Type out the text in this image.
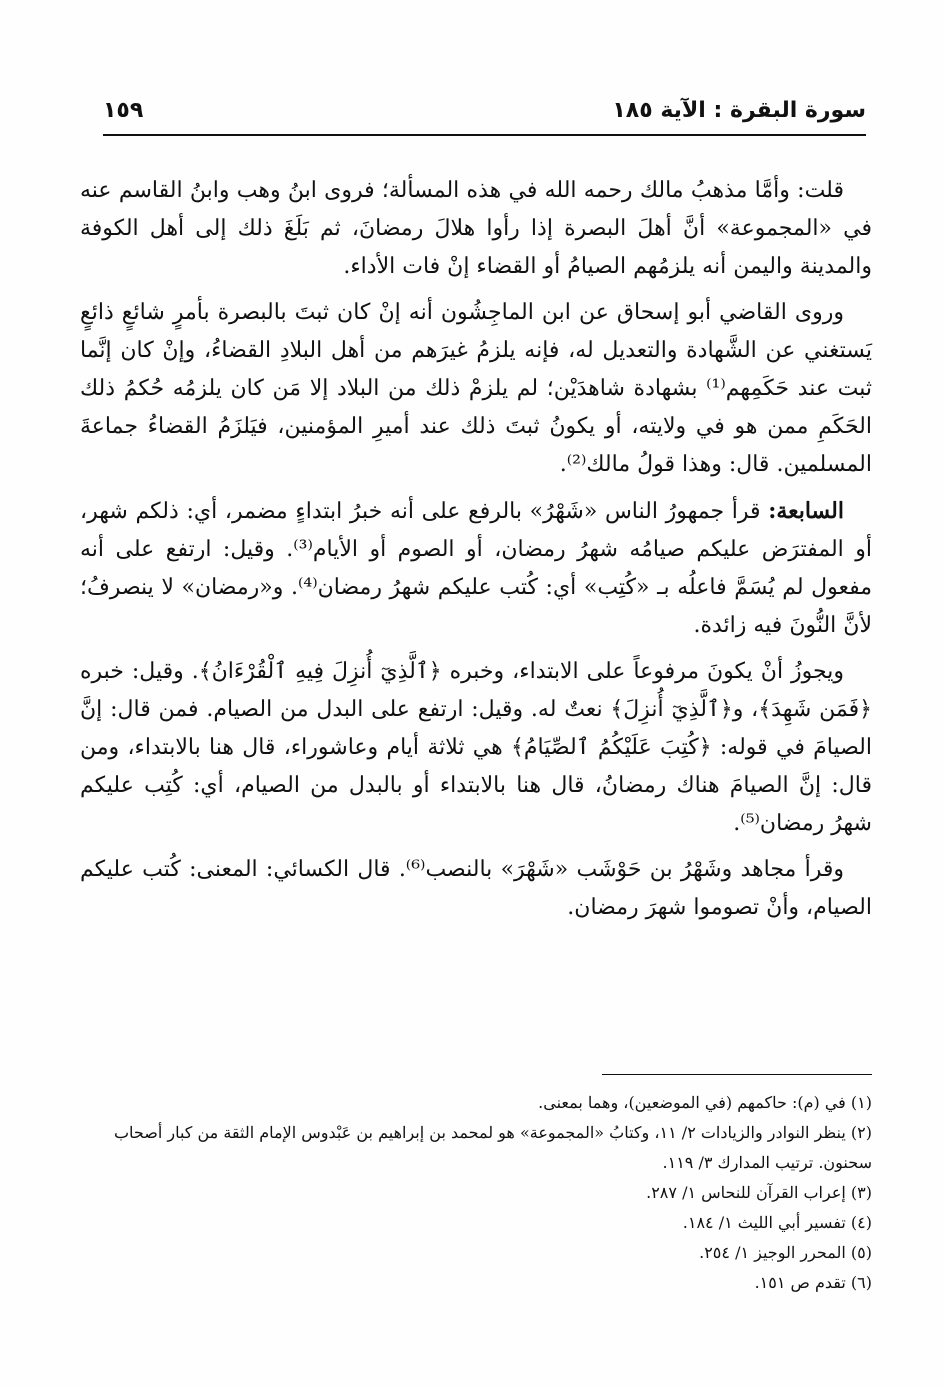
سورة البقرة : الآية ١٨٥
١٥٩

قلت: وأمَّا مذهبُ مالك رحمه الله في هذه المسألة؛ فروى ابنُ وهب وابنُ القاسم عنه في «المجموعة» أنَّ أهلَ البصرة إذا رأوا هلالَ رمضانَ، ثم بَلَغَ ذلك إلى أهل الكوفة والمدينة واليمن أنه يلزمُهم الصيامُ أو القضاء إنْ فات الأداء.

وروى القاضي أبو إسحاق عن ابن الماجِشُون أنه إنْ كان ثبتَ بالبصرة بأمرٍ شائعٍ ذائعٍ يَستغني عن الشَّهادة والتعديل له، فإنه يلزمُ غيرَهم من أهل البلادِ القضاءُ، وإنْ كان إنَّما ثبت عند حَكَمِهم⁽¹⁾ بشهادة شاهدَيْن؛ لم يلزمْ ذلك من البلاد إلا مَن كان يلزمُه حُكمُ ذلك الحَكَمِ ممن هو في ولايته، أو يكونُ ثبتَ ذلك عند أميرِ المؤمنين، فيَلزَمُ القضاءُ جماعةَ المسلمين. قال: وهذا قولُ مالك⁽²⁾.

السابعة: قرأ جمهورُ الناس «شَهْرُ» بالرفع على أنه خبرُ ابتداءٍ مضمر، أي: ذلكم شهر، أو المفترَض عليكم صيامُه شهرُ رمضان، أو الصوم أو الأيام⁽³⁾. وقيل: ارتفع على أنه مفعول لم يُسَمَّ فاعلُه بـ «كُتِب» أي: كُتب عليكم شهرُ رمضان⁽⁴⁾. و«رمضان» لا ينصرفُ؛ لأنَّ النُّونَ فيه زائدة.

ويجوزُ أنْ يكونَ مرفوعاً على الابتداء، وخبره ﴿ٱلَّذِيٓ أُنزِلَ فِيهِ ٱلْقُرْءَانُ﴾. وقيل: خبره ﴿فَمَن شَهِدَ﴾، و﴿ٱلَّذِيٓ أُنزِلَ﴾ نعتٌ له. وقيل: ارتفع على البدل من الصيام. فمن قال: إنَّ الصيامَ في قوله: ﴿كُتِبَ عَلَيْكُمُ ٱلصِّيَامُ﴾ هي ثلاثة أيام وعاشوراء، قال هنا بالابتداء، ومن قال: إنَّ الصيامَ هناك رمضانُ، قال هنا بالابتداء أو بالبدل من الصيام، أي: كُتِب عليكم شهرُ رمضان⁽⁵⁾.

وقرأ مجاهد وشَهْرُ بن حَوْشَب «شَهْرَ» بالنصب⁽⁶⁾. قال الكسائي: المعنى: كُتب عليكم الصيام، وأنْ تصوموا شهرَ رمضان.

(١) في (م): حاكمهم (في الموضعين)، وهما بمعنى.

(٢) ينظر النوادر والزيادات ٢/ ١١، وكتابُ «المجموعة» هو لمحمد بن إبراهيم بن عَبْدوس الإمام الثقة من كبار أصحاب سحنون. ترتيب المدارك ٣/ ١١٩.

(٣) إعراب القرآن للنحاس ١/ ٢٨٧.

(٤) تفسير أبي الليث ١/ ١٨٤.

(٥) المحرر الوجيز ١/ ٢٥٤.

(٦) تقدم ص ١٥١.
